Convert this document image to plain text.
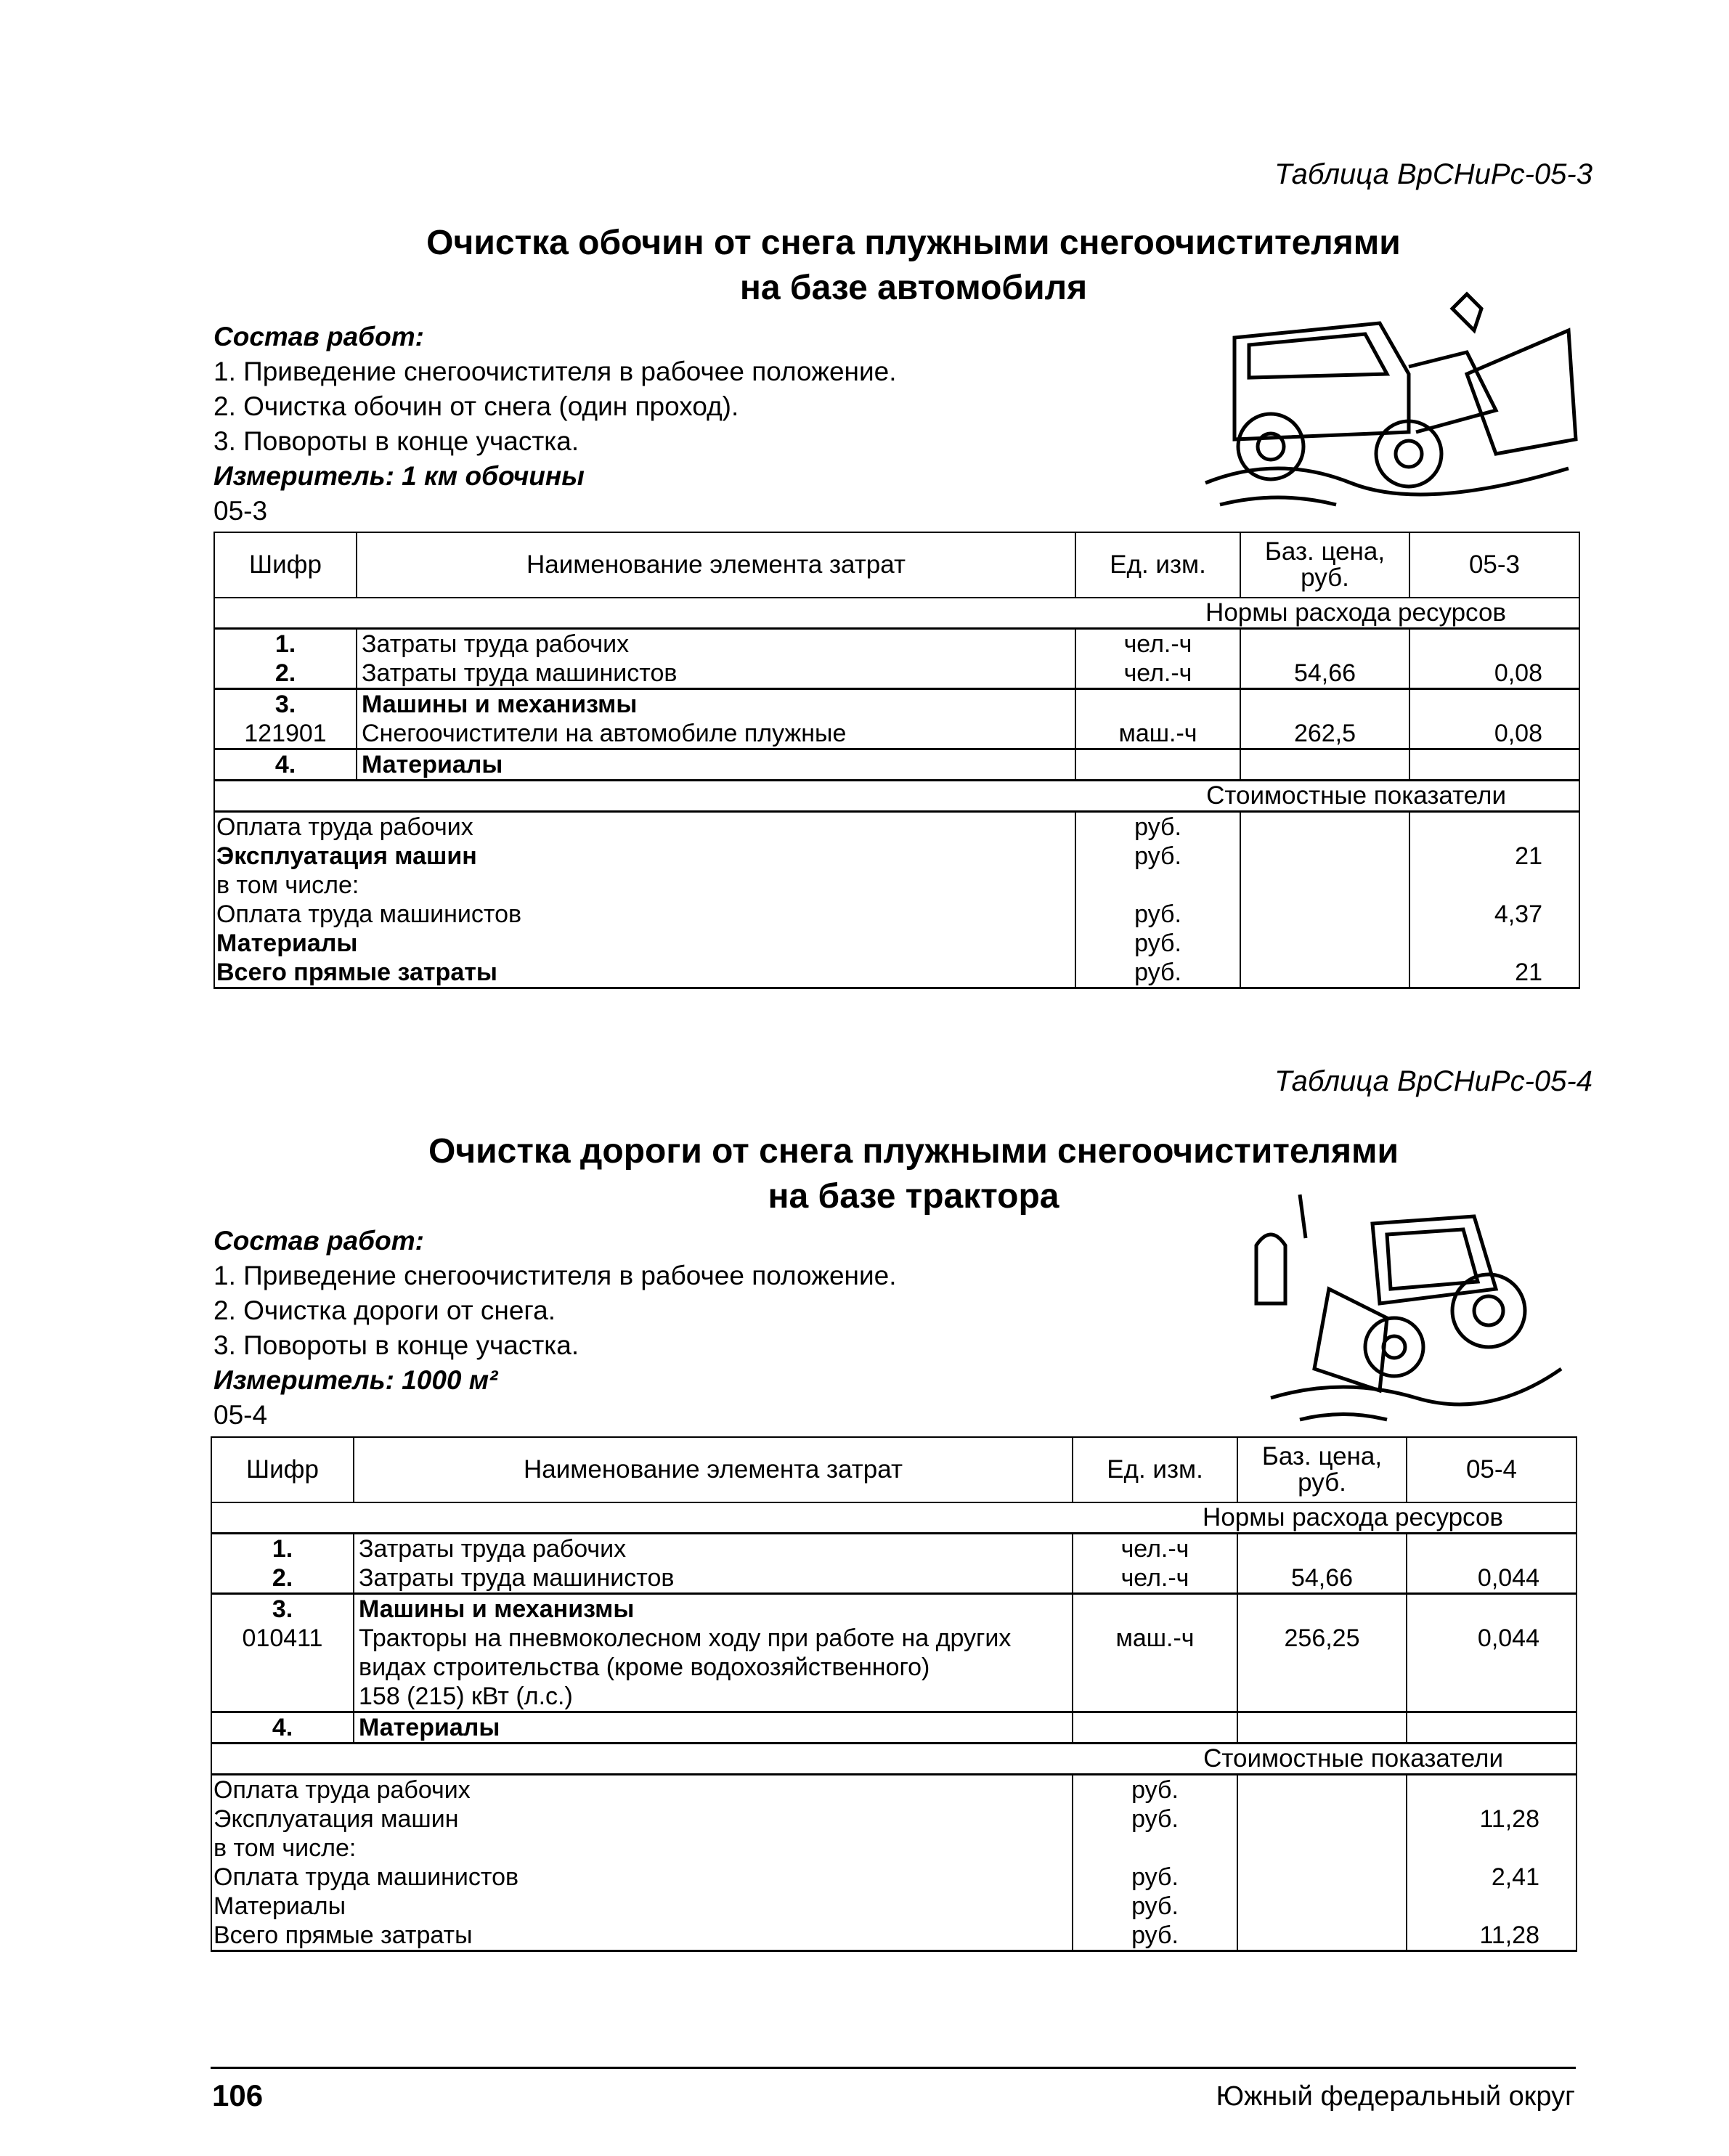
Таблица ВрСНиРс-05-3
Очистка обочин от снега плужными снегоочистителями
на базе автомобиля
Состав работ:
1. Приведение снегоочистителя в рабочее положение.
2. Очистка обочин от снега (один проход).
3. Повороты в конце участка.
Измеритель: 1 км обочины
05-3
Шифр	Наименование элемента затрат	Ед. изм.	Баз. цена, руб.	05-3
Нормы расхода ресурсов				
1.	Затраты труда рабочих	чел.-ч		
2.	Затраты труда машинистов	чел.-ч	54,66	0,08
3.	Машины и механизмы			
121901	Снегоочистители на автомобиле плужные	маш.-ч	262,5	0,08
4.	Материалы			
Стоимостные показатели				
Оплата труда рабочих		руб.		
Эксплуатация машин		руб.		21
в том числе:				
Оплата труда машинистов		руб.		4,37
Материалы		руб.		
Всего прямые затраты		руб.		21
Таблица ВрСНиРс-05-4
Очистка дороги от снега плужными снегоочистителями
на базе трактора
Состав работ:
1. Приведение снегоочистителя в рабочее положение.
2. Очистка дороги от снега.
3. Повороты в конце участка.
Измеритель: 1000 м²
05-4
Шифр	Наименование элемента затрат	Ед. изм.	Баз. цена, руб.	05-4
Нормы расхода ресурсов				
1.	Затраты труда рабочих	чел.-ч		
2.	Затраты труда машинистов	чел.-ч	54,66	0,044
3.	Машины и механизмы			
010411	Тракторы на пневмоколесном ходу при работе на других
видах строительства (кроме водохозяйственного)
158 (215) кВт (л.с.)	маш.-ч	256,25	0,044
4.	Материалы			
Стоимостные показатели				
Оплата труда рабочих		руб.		
Эксплуатация машин		руб.		11,28
в том числе:				
Оплата труда машинистов		руб.		2,41
Материалы		руб.		
Всего прямые затраты		руб.		11,28
106	Южный федеральный округ
